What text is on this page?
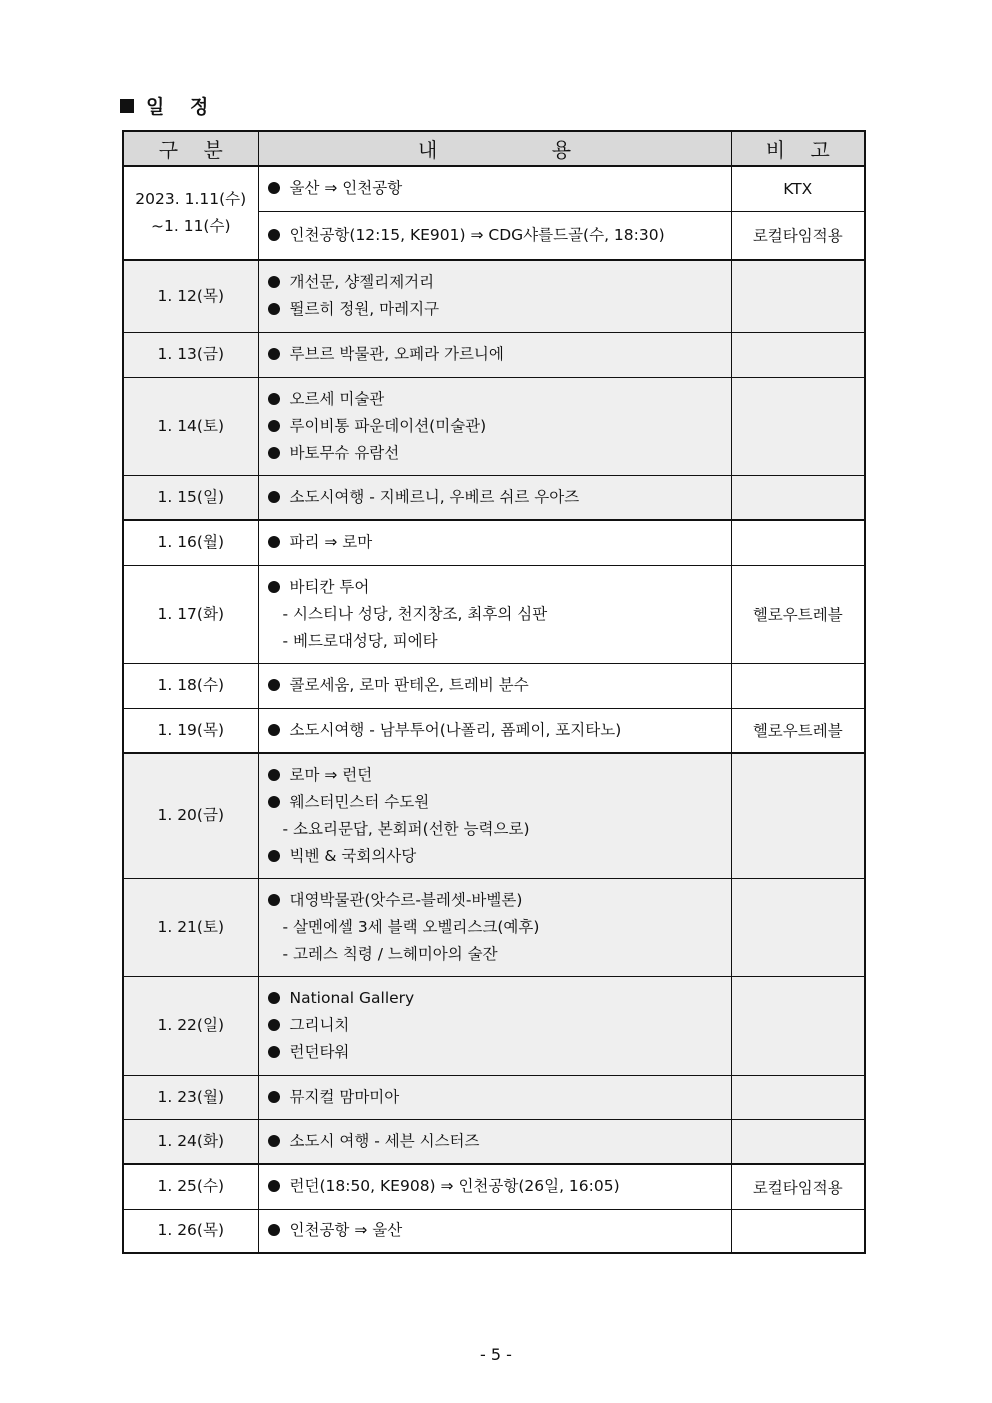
일 정
구    분	내                  용	비    고
2023. 1.11(수)
~1. 11(수)	울산 ⇒ 인천공항	KTX

	인천공항(12:15, KE901) ⇒ CDG샤를드골(수, 18:30)	로컬타임적용
1. 12(목)	개선문, 샹젤리제거리
뛸르히 정원, 마레지구	

1. 13(금)	루브르 박물관, 오페라 가르니에	

1. 14(토)	오르세 미술관
루이비통 파운데이션(미술관)
바토무슈 유람선	

1. 15(일)	소도시여행 - 지베르니, 우베르 쉬르 우아즈	

1. 16(월)	파리 ⇒ 로마	

1. 17(화)	바티칸 투어
- 시스티나 성당, 천지창조, 최후의 심판
- 베드로대성당, 피에타	헬로우트레블
1. 18(수)	콜로세움, 로마 판테온, 트레비 분수	

1. 19(목)	소도시여행 - 남부투어(나폴리, 폼페이, 포지타노)	헬로우트레블
1. 20(금)	로마 ⇒ 런던
웨스터민스터 수도원
- 소요리문답, 본회퍼(선한 능력으로)
빅벤 & 국회의사당	

1. 21(토)	대영박물관(앗수르-블레셋-바벨론)
- 살멘에셀 3세 블랙 오벨리스크(예후)
- 고레스 칙령 / 느헤미아의 술잔	

1. 22(일)	National Gallery
그리니치
런던타워	

1. 23(월)	뮤지컬 맘마미아	

1. 24(화)	소도시 여행 - 세븐 시스터즈	

1. 25(수)	런던(18:50, KE908) ⇒ 인천공항(26일, 16:05)	로컬타임적용
1. 26(목)	인천공항 ⇒ 울산	

- 5 -
